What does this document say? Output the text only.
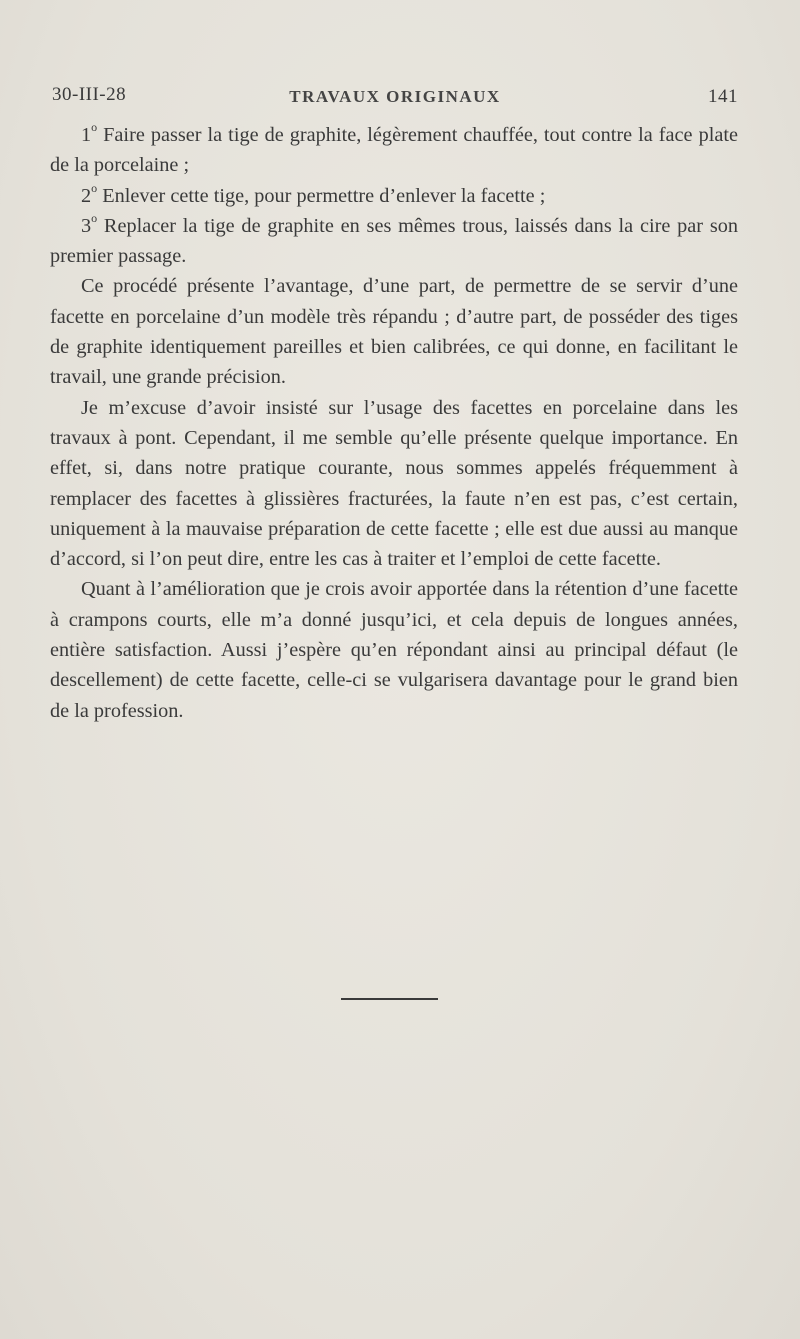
30-III-28	TRAVAUX ORIGINAUX	141

1$^o$ Faire passer la tige de graphite, légèrement chauffée, tout contre la face plate de la porcelaine ;

2$^o$ Enlever cette tige, pour permettre d’enlever la facette ;

3$^o$ Replacer la tige de graphite en ses mêmes trous, laissés dans la cire par son premier passage.

Ce procédé présente l’avantage, d’une part, de permettre de se servir d’une facette en porcelaine d’un modèle très répandu ; d’autre part, de posséder des tiges de graphite identiquement pareilles et bien calibrées, ce qui donne, en facilitant le travail, une grande précision.

Je m’excuse d’avoir insisté sur l’usage des facettes en porcelaine dans les travaux à pont. Cependant, il me semble qu’elle présente quelque importance. En effet, si, dans notre pratique courante, nous sommes appelés fréquemment à remplacer des facettes à glissières fracturées, la faute n’en est pas, c’est certain, uniquement à la mauvaise préparation de cette facette ; elle est due aussi au manque d’accord, si l’on peut dire, entre les cas à traiter et l’emploi de cette facette.

Quant à l’amélioration que je crois avoir apportée dans la rétention d’une facette à crampons courts, elle m’a donné jusqu’ici, et cela depuis de longues années, entière satisfaction. Aussi j’espère qu’en répondant ainsi au principal défaut (le descellement) de cette facette, celle-ci se vulgarisera davantage pour le grand bien de la profession.
